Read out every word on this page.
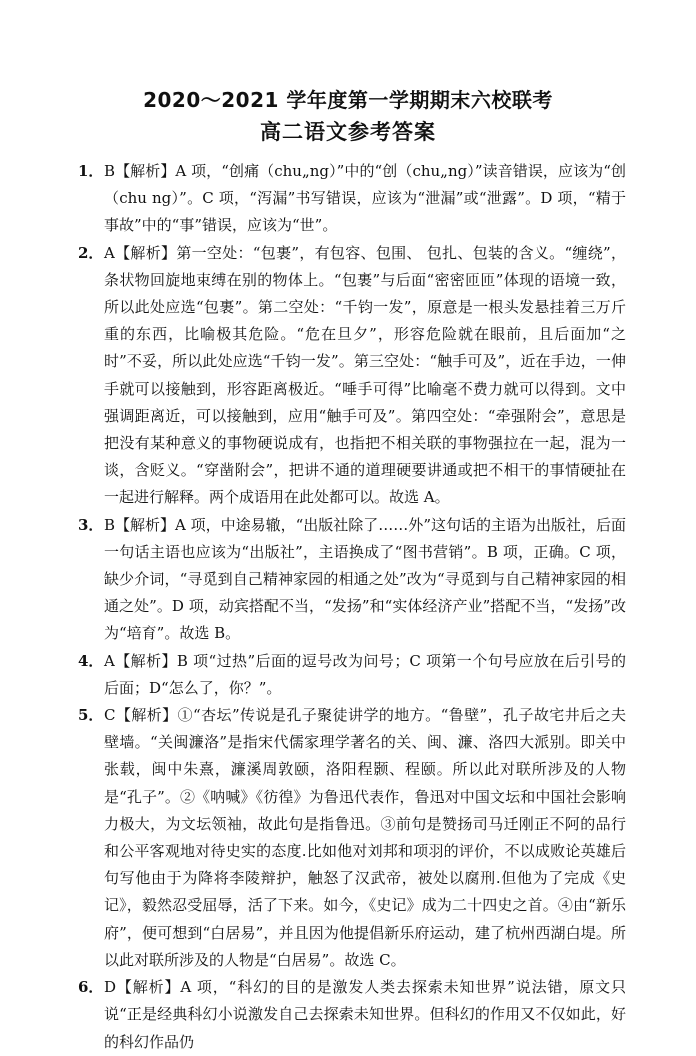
2020～2021 学年度第一学期期末六校联考
高二语文参考答案
1． B【解析】A 项，“创痛（chu„ng）”中的“创（chu„ng）”读音错误，应该为“创（chu ng）”。C 项，“泻漏”书写错误，应该为“泄漏”或“泄露”。D 项，“精于事故”中的“事”错误，应该为“世”。
2． A【解析】第一空处：“包裹”，有包容、包围、 包扎、包装的含义。“缠绕”，条状物回旋地束缚在别的物体上。“包裹”与后面“密密匝匝”体现的语境一致，所以此处应选“包裹”。第二空处：“千钧一发”，原意是一根头发悬挂着三万斤重的东西，比喻极其危险。“危在旦夕”，形容危险就在眼前，且后面加“之时”不妥，所以此处应选“千钧一发”。第三空处：“触手可及”，近在手边，一伸手就可以接触到，形容距离极近。“唾手可得”比喻毫不费力就可以得到。文中强调距离近，可以接触到，应用“触手可及”。第四空处：“牵强附会”，意思是把没有某种意义的事物硬说成有，也指把不相关联的事物强拉在一起，混为一谈，含贬义。“穿凿附会”，把讲不通的道理硬要讲通或把不相干的事情硬扯在一起进行解释。两个成语用在此处都可以。故选 A。
3． B【解析】A 项，中途易辙，“出版社除了……外”这句话的主语为出版社，后面一句话主语也应该为“出版社”，主语换成了“图书营销”。B 项，正确。C 项，缺少介词，“寻觅到自己精神家园的相通之处”改为“寻觅到与自己精神家园的相通之处”。D 项，动宾搭配不当，“发扬”和“实体经济产业”搭配不当，“发扬”改为“培育”。故选 B。
4． A【解析】B 项“过热”后面的逗号改为问号；C 项第一个句号应放在后引号的后面；D“怎么了，你？”。
5． C【解析】①“杏坛”传说是孔子聚徒讲学的地方。“鲁壁”，孔子故宅井后之夫壁墙。“关闽濂洛”是指宋代儒家理学著名的关、闽、濂、洛四大派别。即关中张载，闽中朱熹，濂溪周敦颐，洛阳程颢、程颐。所以此对联所涉及的人物是“孔子”。②《呐喊》《彷徨》为鲁迅代表作，鲁迅对中国文坛和中国社会影响力极大，为文坛领袖，故此句是指鲁迅。③前句是赞扬司马迁刚正不阿的品行和公平客观地对待史实的态度.比如他对刘邦和项羽的评价，不以成败论英雄后句写他由于为降将李陵辩护，触怒了汉武帝，被处以腐刑.但他为了完成《史记》，毅然忍受屈辱，活了下来。如今，《史记》成为二十四史之首。④由“新乐府”，便可想到“白居易”，并且因为他提倡新乐府运动，建了杭州西湖白堤。所以此对联所涉及的人物是“白居易”。故选 C。
6． D【解析】A 项，“科幻的目的是激发人类去探索未知世界”说法错，原文只说“正是经典科幻小说激发自己去探索未知世界。但科幻的作用又不仅如此，好的科幻作品仍
